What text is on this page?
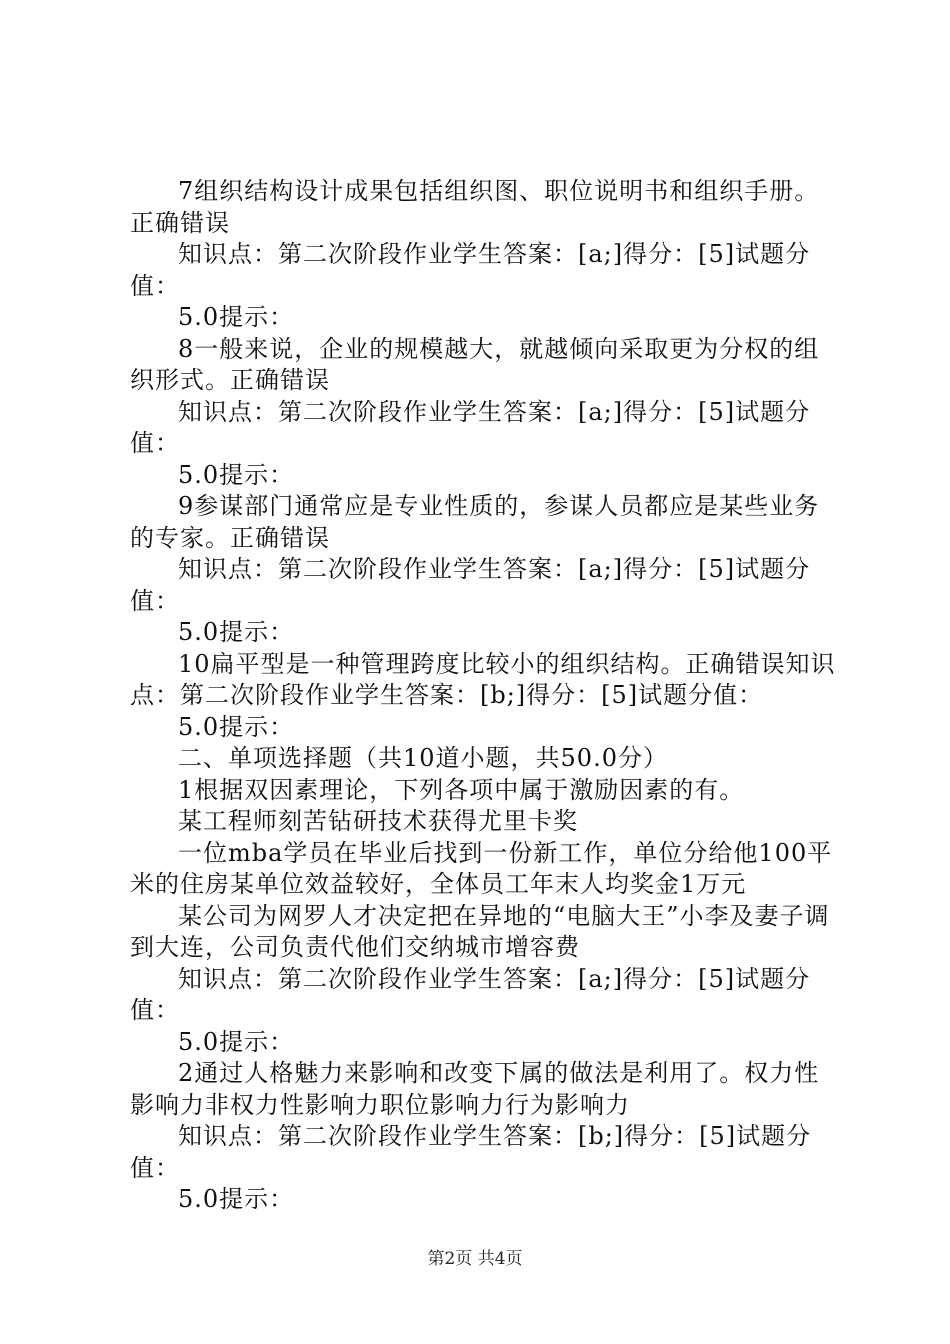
7组织结构设计成果包括组织图、职位说明书和组织手册。正确错误

知识点：第二次阶段作业学生答案：[a;]得分：[5]试题分值：

5.0提示：

8一般来说，企业的规模越大，就越倾向采取更为分权的组织形式。正确错误

知识点：第二次阶段作业学生答案：[a;]得分：[5]试题分值：

5.0提示：

9参谋部门通常应是专业性质的，参谋人员都应是某些业务的专家。正确错误

知识点：第二次阶段作业学生答案：[a;]得分：[5]试题分值：

5.0提示：

10扁平型是一种管理跨度比较小的组织结构。正确错误知识点：第二次阶段作业学生答案：[b;]得分：[5]试题分值：

5.0提示：

二、单项选择题（共10道小题，共50.0分）

1根据双因素理论，下列各项中属于激励因素的有。

某工程师刻苦钻研技术获得尤里卡奖

一位mba学员在毕业后找到一份新工作，单位分给他100平米的住房某单位效益较好，全体员工年末人均奖金1万元

某公司为网罗人才决定把在异地的“电脑大王”小李及妻子调到大连，公司负责代他们交纳城市增容费

知识点：第二次阶段作业学生答案：[a;]得分：[5]试题分值：

5.0提示：

2通过人格魅力来影响和改变下属的做法是利用了。权力性影响力非权力性影响力职位影响力行为影响力

知识点：第二次阶段作业学生答案：[b;]得分：[5]试题分值：

5.0提示：

第2页 共4页
